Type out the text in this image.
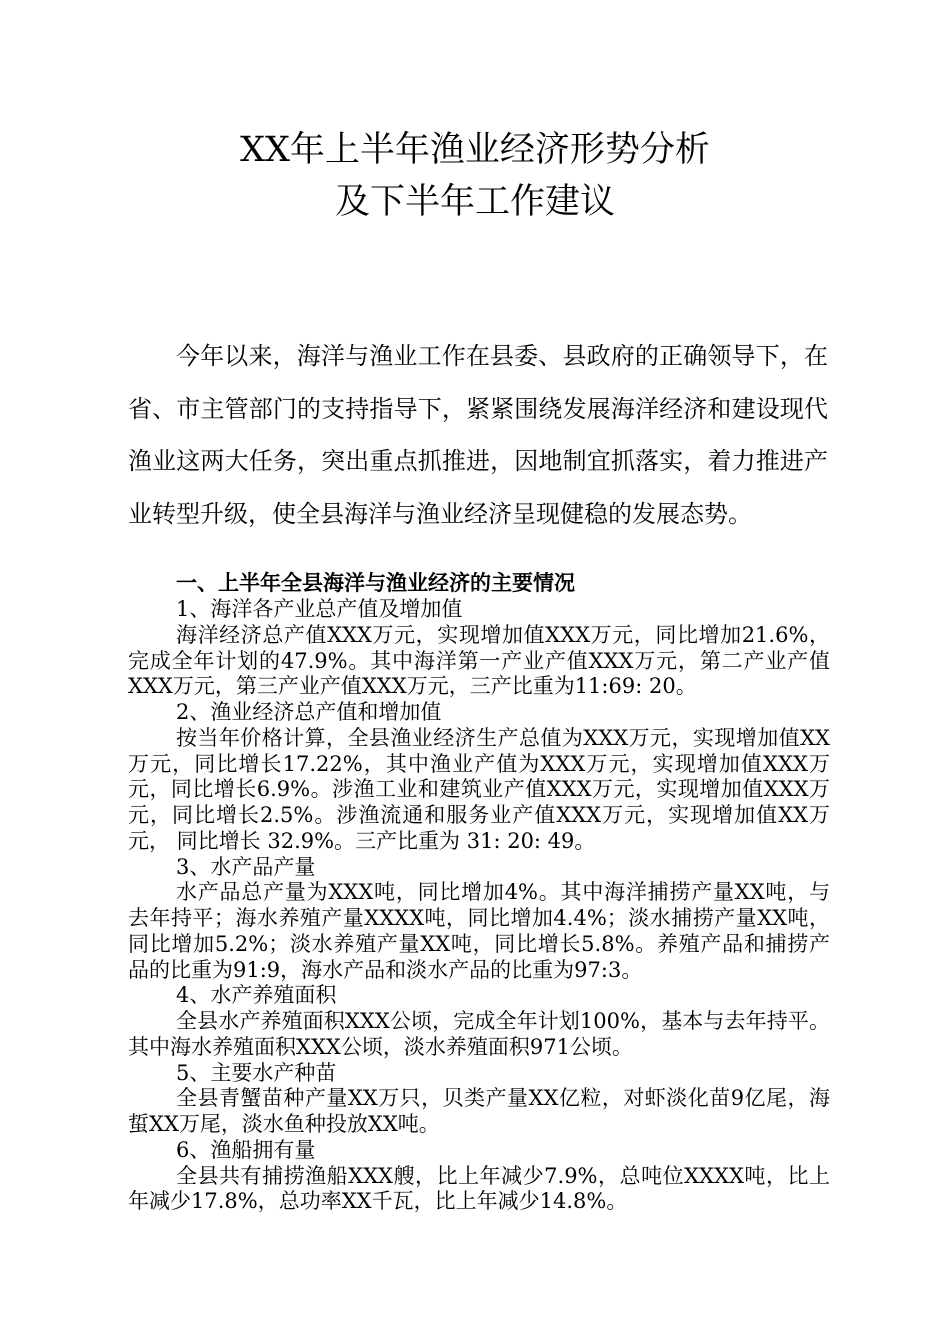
XX年上半年渔业经济形势分析
及下半年工作建议

今年以来，海洋与渔业工作在县委、县政府的正确领导下，在省、市主管部门的支持指导下，紧紧围绕发展海洋经济和建设现代渔业这两大任务，突出重点抓推进，因地制宜抓落实，着力推进产业转型升级，使全县海洋与渔业经济呈现健稳的发展态势。

一、上半年全县海洋与渔业经济的主要情况

1、海洋各产业总产值及增加值

海洋经济总产值XXX万元，实现增加值XXX万元，同比增加21.6%，完成全年计划的47.9%。其中海洋第一产业产值XXX万元，第二产业产值XXX万元，第三产业产值XXX万元，三产比重为11:69: 20。

2、渔业经济总产值和增加值

按当年价格计算，全县渔业经济生产总值为XXX万元，实现增加值XX万元，同比增长17.22%，其中渔业产值为XXX万元，实现增加值XXX万元，同比增长6.9%。涉渔工业和建筑业产值XXX万元，实现增加值XXX万元，同比增长2.5%。涉渔流通和服务业产值XXX万元，实现增加值XX万元， 同比增长 32.9%。三产比重为 31: 20: 49。

3、水产品产量

水产品总产量为XXX吨，同比增加4%。其中海洋捕捞产量XX吨，与去年持平；海水养殖产量XXXX吨，同比增加4.4%；淡水捕捞产量XX吨，同比增加5.2%；淡水养殖产量XX吨，同比增长5.8%。养殖产品和捕捞产品的比重为91:9，海水产品和淡水产品的比重为97:3。

4、水产养殖面积

全县水产养殖面积XXX公顷，完成全年计划100%，基本与去年持平。其中海水养殖面积XXX公顷，淡水养殖面积971公顷。

5、主要水产种苗

全县青蟹苗种产量XX万只，贝类产量XX亿粒，对虾淡化苗9亿尾，海蜇XX万尾，淡水鱼种投放XX吨。

6、渔船拥有量

全县共有捕捞渔船XXX艘，比上年减少7.9%，总吨位XXXX吨，比上年减少17.8%，总功率XX千瓦，比上年减少14.8%。
